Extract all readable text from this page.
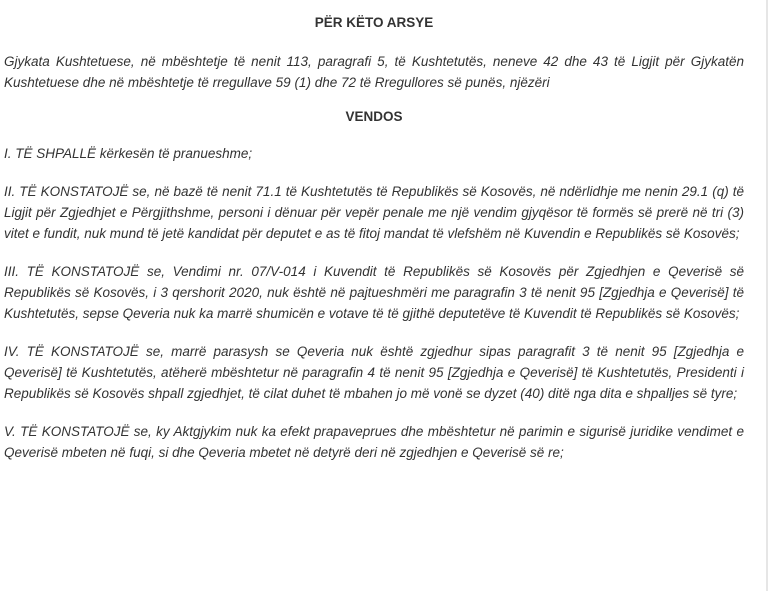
PËR KËTO ARSYE

Gjykata Kushtetuese, në mbështetje të nenit 113, paragrafi 5, të Kushtetutës, neneve 42 dhe 43 të Ligjit për Gjykatën Kushtetuese dhe në mbështetje të rregullave 59 (1) dhe 72 të Rregullores së punës, njëzëri

VENDOS

I. TË SHPALLË kërkesën të pranueshme;

II. TË KONSTATOJË se, në bazë të nenit 71.1 të Kushtetutës të Republikës së Kosovës, në ndërlidhje me nenin 29.1 (q) të Ligjit për Zgjedhjet e Përgjithshme, personi i dënuar për vepër penale me një vendim gjyqësor të formës së prerë në tri (3) vitet e fundit, nuk mund të jetë kandidat për deputet e as të fitoj mandat të vlefshëm në Kuvendin e Republikës së Kosovës;

III. TË KONSTATOJË se, Vendimi nr. 07/V-014 i Kuvendit të Republikës së Kosovës për Zgjedhjen e Qeverisë së Republikës së Kosovës, i 3 qershorit 2020, nuk është në pajtueshmëri me paragrafin 3 të nenit 95 [Zgjedhja e Qeverisë] të Kushtetutës, sepse Qeveria nuk ka marrë shumicën e votave të të gjithë deputetëve të Kuvendit të Republikës së Kosovës;

IV. TË KONSTATOJË se, marrë parasysh se Qeveria nuk është zgjedhur sipas paragrafit 3 të nenit 95 [Zgjedhja e Qeverisë] të Kushtetutës, atëherë mbështetur në paragrafin 4 të nenit 95 [Zgjedhja e Qeverisë] të Kushtetutës, Presidenti i Republikës së Kosovës shpall zgjedhjet, të cilat duhet të mbahen jo më vonë se dyzet (40) ditë nga dita e shpalljes së tyre;

V. TË KONSTATOJË se, ky Aktgjykim nuk ka efekt prapaveprues dhe mbështetur në parimin e sigurisë juridike vendimet e Qeverisë mbeten në fuqi, si dhe Qeveria mbetet në detyrë deri në zgjedhjen e Qeverisë së re;
